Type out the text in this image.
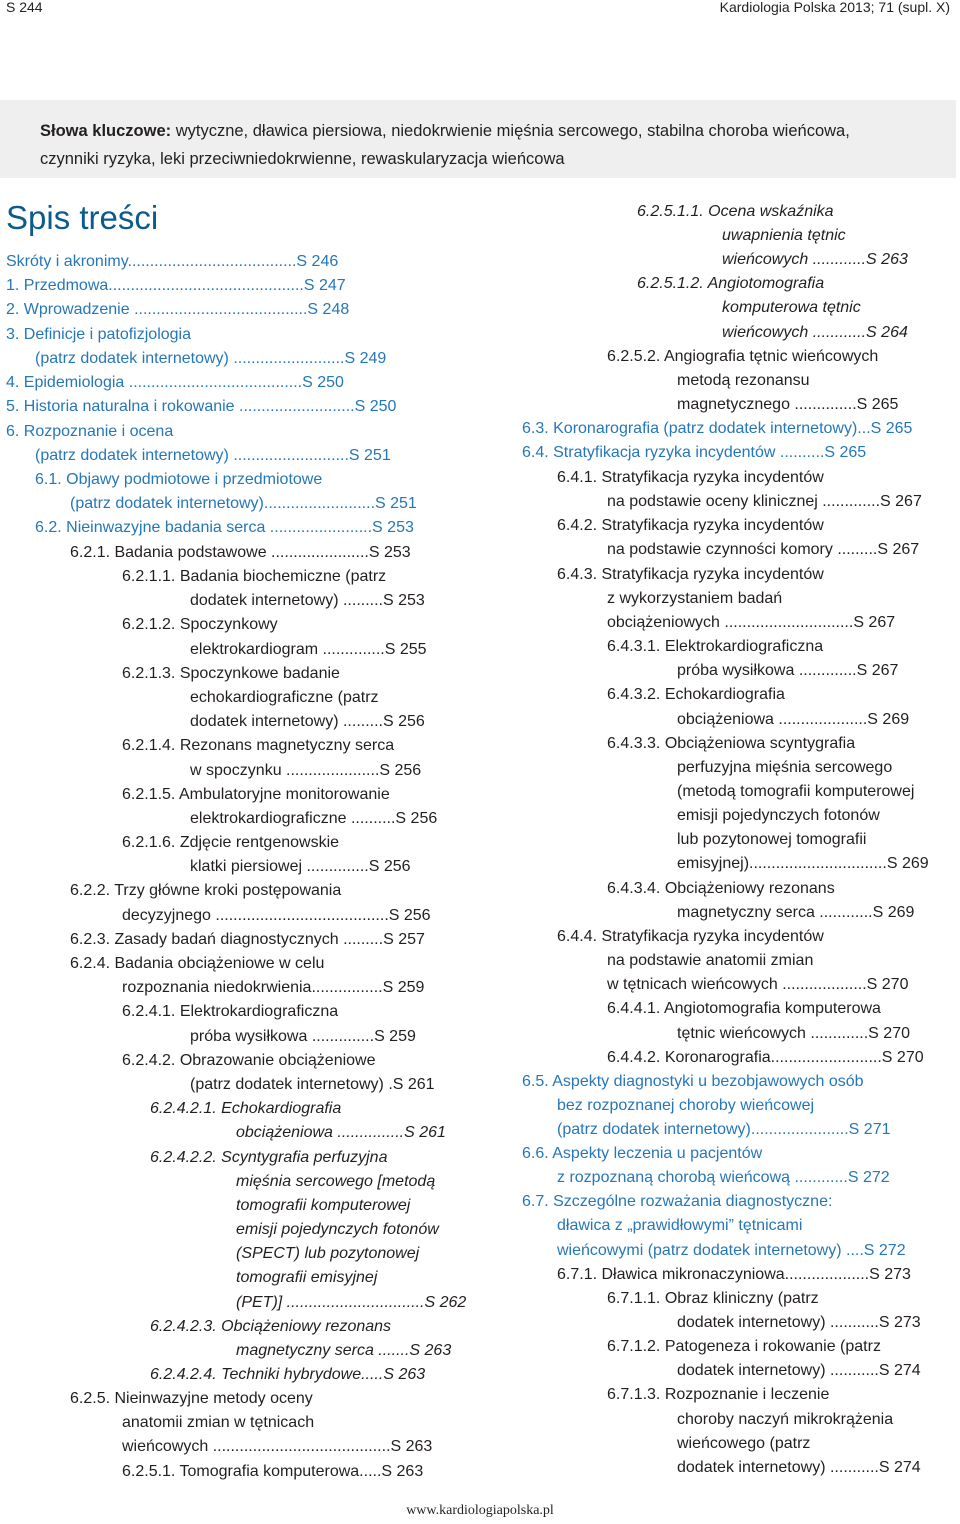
S 244	Kardiologia Polska 2013; 71 (supl. X)
Słowa kluczowe: wytyczne, dławica piersiowa, niedokrwienie mięśnia sercowego, stabilna choroba wieńcowa,
czynniki ryzyka, leki przeciwniedokrwienne, rewaskularyzacja wieńcowa
Spis treści
Skróty i akronimy......................................S 246
1. Przedmowa............................................S 247
2. Wprowadzenie .......................................S 248
3. Definicje i patofizjologia
(patrz dodatek internetowy) .........................S 249
4. Epidemiologia .......................................S 250
5. Historia naturalna i rokowanie ..........................S 250
6. Rozpoznanie i ocena
(patrz dodatek internetowy) ..........................S 251
6.1. Objawy podmiotowe i przedmiotowe
(patrz dodatek internetowy).........................S 251
6.2. Nieinwazyjne badania serca .......................S 253
6.2.1. Badania podstawowe ......................S 253
6.2.1.1. Badania biochemiczne (patrz
dodatek internetowy) .........S 253
6.2.1.2. Spoczynkowy
elektrokardiogram ..............S 255
6.2.1.3. Spoczynkowe badanie
echokardiograficzne (patrz
dodatek internetowy) .........S 256
6.2.1.4. Rezonans magnetyczny serca
w spoczynku .....................S 256
6.2.1.5. Ambulatoryjne monitorowanie
elektrokardiograficzne ..........S 256
6.2.1.6. Zdjęcie rentgenowskie
klatki piersiowej ..............S 256
6.2.2. Trzy główne kroki postępowania
decyzyjnego .......................................S 256
6.2.3. Zasady badań diagnostycznych .........S 257
6.2.4. Badania obciążeniowe w celu
rozpoznania niedokrwienia................S 259
6.2.4.1. Elektrokardiograficzna
próba wysiłkowa ..............S 259
6.2.4.2. Obrazowanie obciążeniowe
(patrz dodatek internetowy) .S 261
6.2.4.2.1. Echokardiografia
obciążeniowa ...............S 261
6.2.4.2.2. Scyntygrafia perfuzyjna
mięśnia sercowego [metodą
tomografii komputerowej
emisji pojedynczych fotonów
(SPECT) lub pozytonowej
tomografii emisyjnej
(PET)] ...............................S 262
6.2.4.2.3. Obciążeniowy rezonans
magnetyczny serca .......S 263
6.2.4.2.4. Techniki hybrydowe.....S 263
6.2.5. Nieinwazyjne metody oceny
anatomii zmian w tętnicach
wieńcowych ........................................S 263
6.2.5.1. Tomografia komputerowa.....S 263
6.2.5.1.1. Ocena wskaźnika
uwapnienia tętnic
wieńcowych ............S 263
6.2.5.1.2. Angiotomografia
komputerowa tętnic
wieńcowych ............S 264
6.2.5.2. Angiografia tętnic wieńcowych
metodą rezonansu
magnetycznego ..............S 265
6.3. Koronarografia (patrz dodatek internetowy)...S 265
6.4. Stratyfikacja ryzyka incydentów ..........S 265
6.4.1. Stratyfikacja ryzyka incydentów
na podstawie oceny klinicznej .............S 267
6.4.2. Stratyfikacja ryzyka incydentów
na podstawie czynności komory .........S 267
6.4.3. Stratyfikacja ryzyka incydentów
z wykorzystaniem badań
obciążeniowych .............................S 267
6.4.3.1. Elektrokardiograficzna
próba wysiłkowa .............S 267
6.4.3.2. Echokardiografia
obciążeniowa ....................S 269
6.4.3.3. Obciążeniowa scyntygrafia
perfuzyjna mięśnia sercowego
(metodą tomografii komputerowej
emisji pojedynczych fotonów
lub pozytonowej tomografii
emisyjnej)...............................S 269
6.4.3.4. Obciążeniowy rezonans
magnetyczny serca ............S 269
6.4.4. Stratyfikacja ryzyka incydentów
na podstawie anatomii zmian
w tętnicach wieńcowych ...................S 270
6.4.4.1. Angiotomografia komputerowa
tętnic wieńcowych .............S 270
6.4.4.2. Koronarografia.........................S 270
6.5. Aspekty diagnostyki u bezobjawowych osób
bez rozpoznanej choroby wieńcowej
(patrz dodatek internetowy)......................S 271
6.6. Aspekty leczenia u pacjentów
z rozpoznaną chorobą wieńcową ............S 272
6.7. Szczególne rozważania diagnostyczne:
dławica z „prawidłowymi” tętnicami
wieńcowymi (patrz dodatek internetowy) ....S 272
6.7.1. Dławica mikronaczyniowa...................S 273
6.7.1.1. Obraz kliniczny (patrz
dodatek internetowy) ...........S 273
6.7.1.2. Patogeneza i rokowanie (patrz
dodatek internetowy) ...........S 274
6.7.1.3. Rozpoznanie i leczenie
choroby naczyń mikrokrążenia
wieńcowego (patrz
dodatek internetowy) ...........S 274
www.kardiologiapolska.pl
